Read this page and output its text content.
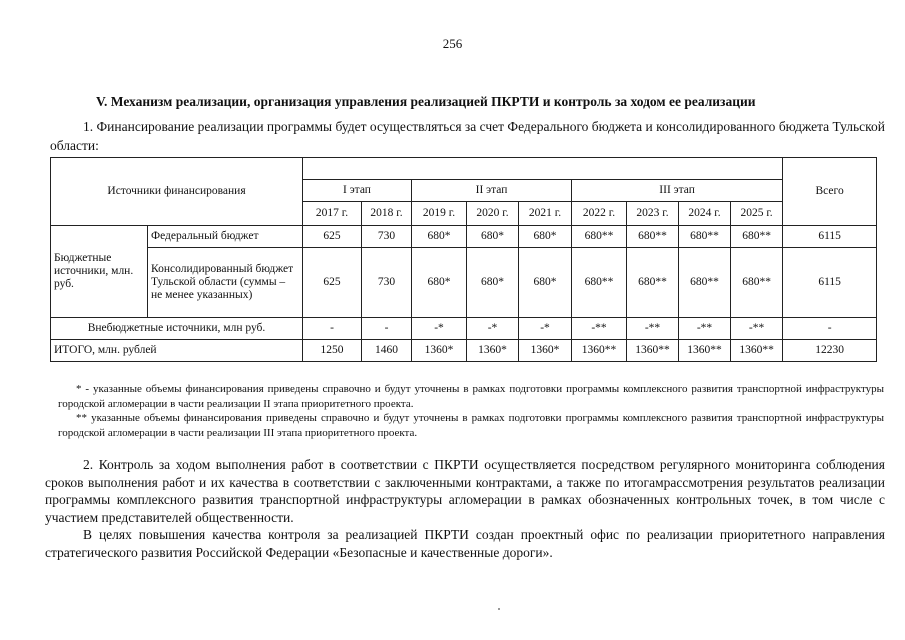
256
V. Механизм реализации, организация управления реализацией ПКРТИ и контроль за ходом ее реализации
1. Финансирование реализации программы будет осуществляться за счет Федерального бюджета и консолидированного бюджета Тульской области:
Источники финансирования											Всего
		I этап		II этап			III этап				
		2017 г.	2018 г.	2019 г.	2020 г.	2021 г.	2022 г.	2023 г.	2024 г.	2025 г.	
Бюджетные источники, млн. руб.	Федеральный бюджет	625	730	680*	680*	680*	680**	680**	680**	680**	6115
	Консолидированный бюджет Тульской области (суммы – не менее указанных)	625	730	680*	680*	680*	680**	680**	680**	680**	6115
Внебюджетные источники, млн руб.		-	-	-*	-*	-*	-**	-**	-**	-**	-
ИТОГО, млн. рублей		1250	1460	1360*	1360*	1360*	1360**	1360**	1360**	1360**	12230

* - указанные объемы финансирования приведены справочно и будут уточнены в рамках подготовки программы комплексного развития транспортной инфраструктуры городской агломерации в части реализации II этапа приоритетного проекта.

** указанные объемы финансирования приведены справочно и будут уточнены в рамках подготовки программы комплексного развития транспортной инфраструктуры городской агломерации в части реализации III этапа приоритетного проекта.

2. Контроль за ходом выполнения работ в соответствии с ПКРТИ осуществляется посредством регулярного мониторинга соблюдения сроков выполнения работ и их качества в соответствии с заключенными контрактами, а также по итогамрассмотрения результатов реализации программы комплексного развития транспортной инфраструктуры агломерации в рамках обозначенных контрольных точек, в том числе с участием представителей общественности.

В целях повышения качества контроля за реализацией ПКРТИ создан проектный офис по реализации приоритетного направления стратегического развития Российской Федерации «Безопасные и качественные дороги».
